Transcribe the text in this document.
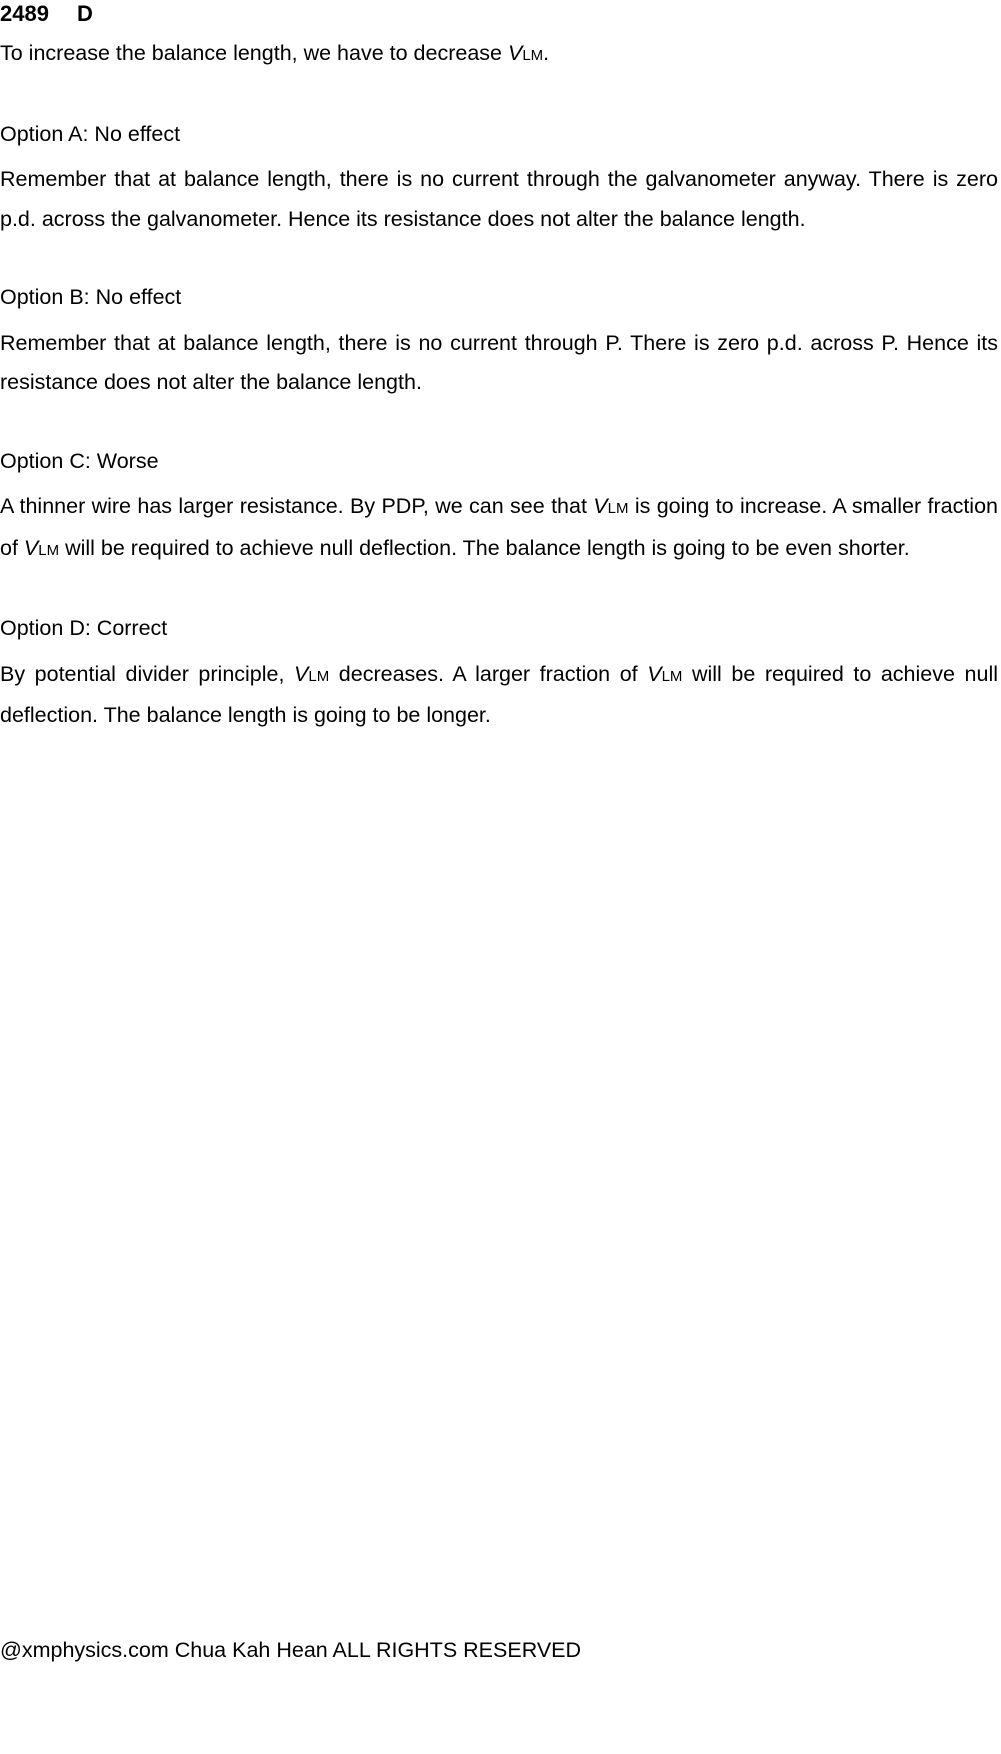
2489 D

To increase the balance length, we have to decrease VLM.

Option A: No effect

Remember that at balance length, there is no current through the galvanometer anyway. There is zero p.d. across the galvanometer. Hence its resistance does not alter the balance length.

Option B: No effect

Remember that at balance length, there is no current through P. There is zero p.d. across P. Hence its resistance does not alter the balance length.

Option C: Worse

A thinner wire has larger resistance. By PDP, we can see that VLM is going to increase. A smaller fraction of VLM will be required to achieve null deflection. The balance length is going to be even shorter.

Option D: Correct

By potential divider principle, VLM decreases. A larger fraction of VLM will be required to achieve null deflection. The balance length is going to be longer.

@xmphysics.com Chua Kah Hean ALL RIGHTS RESERVED
